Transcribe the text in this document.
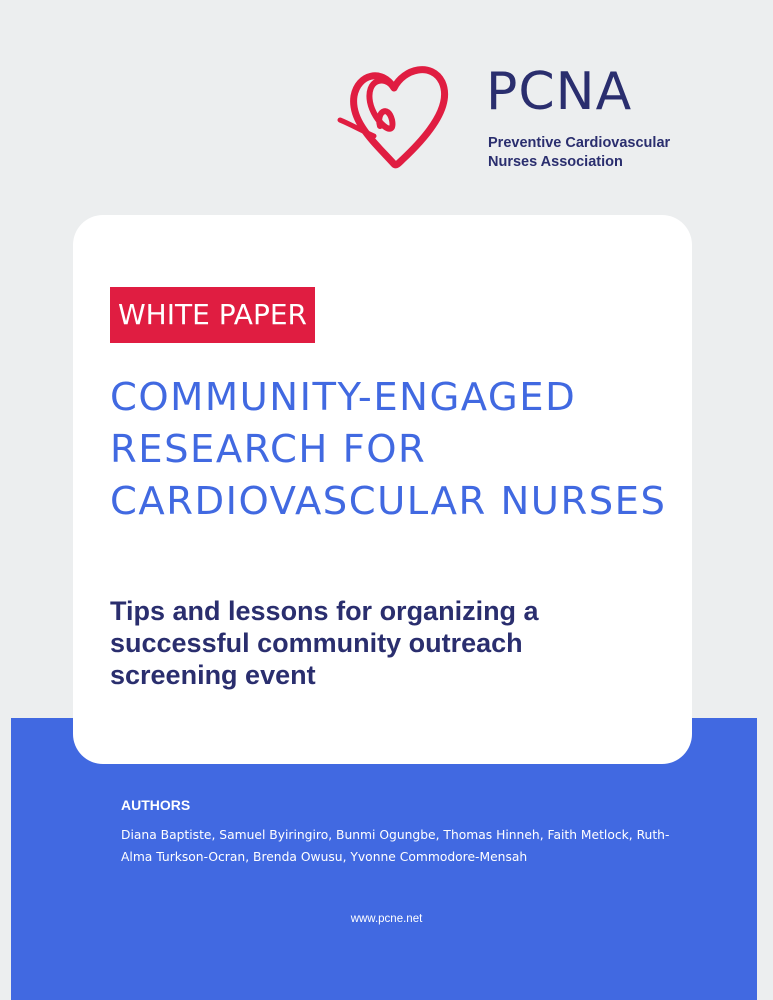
PCNA
Preventive Cardiovascular Nurses Association
WHITE PAPER
COMMUNITY-ENGAGED RESEARCH FOR CARDIOVASCULAR NURSES

Tips and lessons for organizing a successful community outreach screening event

AUTHORS
Diana Baptiste, Samuel Byiringiro, Bunmi Ogungbe, Thomas Hinneh, Faith Metlock, Ruth-Alma Turkson-Ocran, Brenda Owusu, Yvonne Commodore-Mensah
www.pcne.net
